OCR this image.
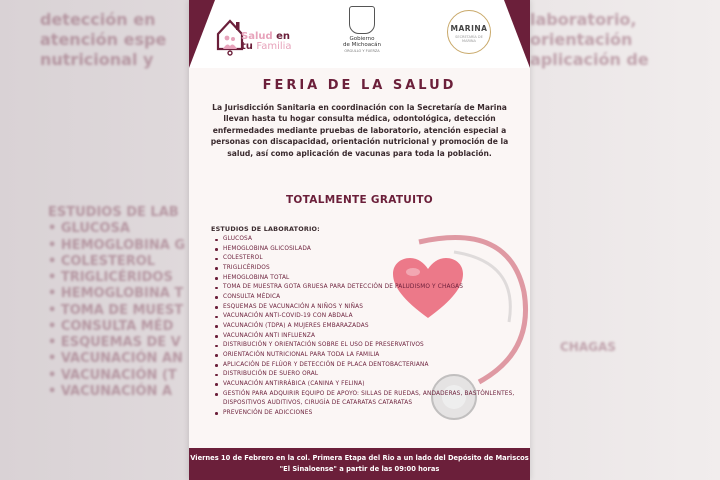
detección en
atención espe
nutricional y
laboratorio,
orientación
aplicación de
ESTUDIOS DE LAB
• GLUCOSA
• HEMOGLOBINA G
• COLESTEROL
• TRIGLICÉRIDOS
• HEMOGLOBINA T
• TOMA DE MUEST
• CONSULTA MÉD
• ESQUEMAS DE V
• VACUNACIÓN AN
• VACUNACIÓN (T
• VACUNACIÓN A
CHAGAS
Salud en
tu Familia
Gobierno
de Michoacán
ORGULLO Y FUERZA
MARINA
SECRETARÍA DE MARINA
FERIA DE LA SALUD
La Jurisdicción Sanitaria en coordinación con la Secretaría de Marina llevan hasta tu hogar consulta médica, odontológica, detección enfermedades mediante pruebas de laboratorio, atención especial a personas con discapacidad, orientación nutricional y promoción de la salud, así como aplicación de vacunas para toda la población.
TOTALMENTE GRATUITO
ESTUDIOS DE LABORATORIO:
GLUCOSA
HEMOGLOBINA GLICOSILADA
COLESTEROL
TRIGLICÉRIDOS
HEMOGLOBINA TOTAL
TOMA DE MUESTRA GOTA GRUESA PARA DETECCIÓN DE PALUDISMO Y CHAGAS
CONSULTA MÉDICA
ESQUEMAS DE VACUNACIÓN A NIÑOS Y NIÑAS
VACUNACIÓN ANTI-COVID-19 CON ABDALA
VACUNACIÓN (TDPA) A MUJERES EMBARAZADAS
VACUNACIÓN ANTI INFLUENZA
DISTRIBUCIÓN Y ORIENTACIÓN SOBRE EL USO DE PRESERVATIVOS
ORIENTACIÓN NUTRICIONAL PARA TODA LA FAMILIA
APLICACIÓN DE FLÚOR Y DETECCIÓN DE PLACA DENTOBACTERIANA
DISTRIBUCIÓN DE SUERO ORAL
VACUNACIÓN ANTIRRÁBICA (CANINA Y FELINA)
GESTIÓN PARA ADQUIRIR EQUIPO DE APOYO: SILLAS DE RUEDAS, ANDADERAS, BASTÓNLENTES, DISPOSITIVOS AUDITIVOS, CIRUGÍA DE CATARATAS CATARATAS
PREVENCIÓN DE ADICCIONES
Viernes 10 de Febrero en la col. Primera Etapa del Rio a un lado del Depósito de Mariscos
"El Sinaloense" a partir de las 09:00 horas
